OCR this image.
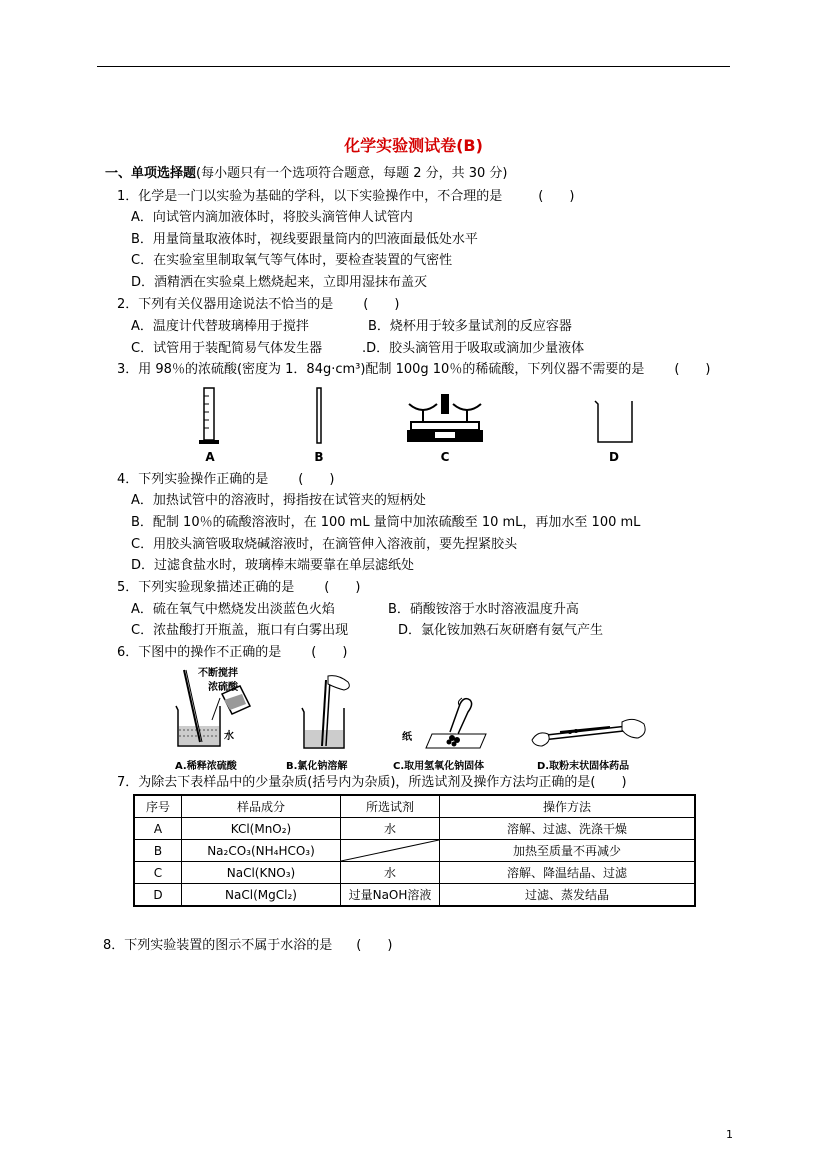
化学实验测试卷(B)
一、单项选择题(每小题只有一个选项符合题意，每题 2 分，共 30 分)
1．化学是一门以实验为基础的学科，以下实验操作中，不合理的是	(　　)
A．向试管内滴加液体时，将胶头滴管伸人试管内
B．用量筒量取液体时，视线要跟量筒内的凹液面最低处水平
C．在实验室里制取氧气等气体时，要检查装置的气密性
D．酒精洒在实验桌上燃烧起来，立即用湿抹布盖灭
2．下列有关仪器用途说法不恰当的是 (　　)
A．温度计代替玻璃棒用于搅拌	B．烧杯用于较多量试剂的反应容器
C．试管用于装配简易气体发生器	.D．胶头滴管用于吸取或滴加少量液体
3．用 98％的浓硫酸(密度为 1．84g·cm³)配制 100g 10％的稀硫酸，下列仪器不需要的是 (　　)
A	B	C	D
4．下列实验操作正确的是 (　　)
A．加热试管中的溶液时，拇指按在试管夹的短柄处
B．配制 10％的硫酸溶液时，在 100 mL 量筒中加浓硫酸至 10 mL，再加水至 100 mL
C．用胶头滴管吸取烧碱溶液时，在滴管伸入溶液前，要先捏紧胶头
D．过滤食盐水时，玻璃棒末端要靠在单层滤纸处
5．下列实验现象描述正确的是 (　　)
A．硫在氧气中燃烧发出淡蓝色火焰	B．硝酸铵溶于水时溶液温度升高
C．浓盐酸打开瓶盖，瓶口有白雾出现	D．氯化铵加熟石灰研磨有氨气产生
6．下图中的操作不正确的是 (　　)
不断搅拌
浓硫酸
水	纸
A.稀释浓硫酸	B.氯化钠溶解	C.取用氢氧化钠固体	D.取粉末状固体药品
7．为除去下表样品中的少量杂质(括号内为杂质)，所选试剂及操作方法均正确的是(　　)
序号	样品成分	所选试剂	操作方法
A	KCl(MnO₂)	水	溶解、过滤、洗涤干燥
B	Na₂CO₃(NH₄HCO₃)		加热至质量不再减少
C	NaCl(KNO₃)	水	溶解、降温结晶、过滤
D	NaCl(MgCl₂)	过量NaOH溶液	过滤、蒸发结晶
8．下列实验装置的图示不属于水浴的是 (　　)
1
